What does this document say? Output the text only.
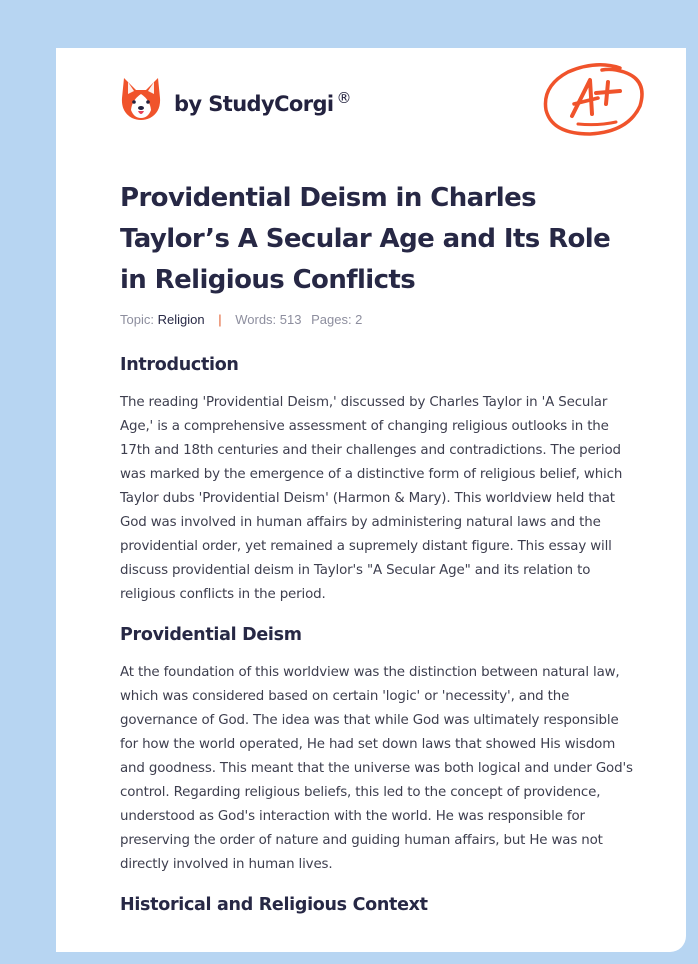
by StudyCorgi ®
Providential Deism in Charles Taylor’s A Secular Age and Its Role in Religious Conflicts
Topic: Religion | Words: 513 Pages: 2
Introduction

The reading 'Providential Deism,' discussed by Charles Taylor in 'A Secular Age,' is a comprehensive assessment of changing religious outlooks in the 17th and 18th centuries and their challenges and contradictions. The period was marked by the emergence of a distinctive form of religious belief, which Taylor dubs 'Providential Deism' (Harmon & Mary). This worldview held that God was involved in human affairs by administering natural laws and the providential order, yet remained a supremely distant figure. This essay will discuss providential deism in Taylor's "A Secular Age" and its relation to religious conflicts in the period.

Providential Deism

At the foundation of this worldview was the distinction between natural law, which was considered based on certain 'logic' or 'necessity', and the governance of God. The idea was that while God was ultimately responsible for how the world operated, He had set down laws that showed His wisdom and goodness. This meant that the universe was both logical and under God's control. Regarding religious beliefs, this led to the concept of providence, understood as God's interaction with the world. He was responsible for preserving the order of nature and guiding human affairs, but He was not directly involved in human lives.

Historical and Religious Context
